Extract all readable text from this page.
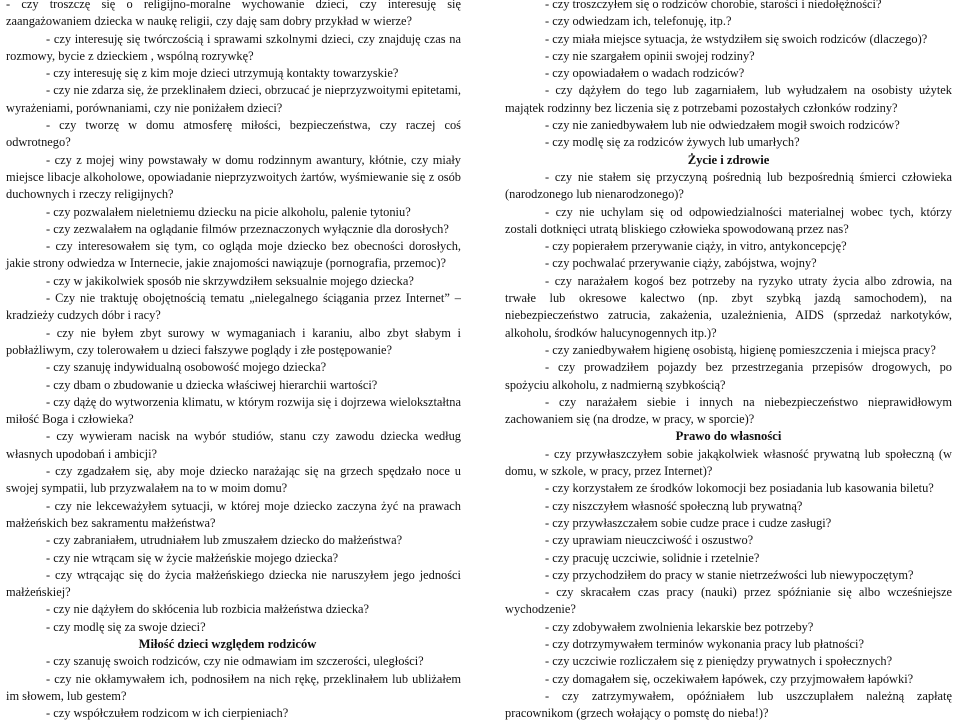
- czy troszczę się o religijno-moralne wychowanie dzieci, czy interesuję się zaangażowaniem dziecka w naukę religii, czy daję sam dobry przykład w wierze?

- czy interesuję się twórczością i sprawami szkolnymi dzieci, czy znajduję czas na rozmowy, bycie z dzieckiem , wspólną rozrywkę?

- czy interesuję się z kim moje dzieci utrzymują kontakty towarzyskie?

- czy nie zdarza się, że przeklinałem dzieci, obrzucać je nieprzyzwoitymi epitetami, wyrażeniami, porównaniami, czy nie poniżałem dzieci?

- czy tworzę w domu atmosferę miłości, bezpieczeństwa, czy raczej coś odwrotnego?

- czy z mojej winy powstawały w domu rodzinnym awantury, kłótnie, czy miały miejsce libacje alkoholowe, opowiadanie nieprzyzwoitych żartów, wyśmiewanie się z osób duchownych i rzeczy religijnych?

- czy pozwalałem nieletniemu dziecku na picie alkoholu, palenie tytoniu?

- czy zezwalałem na oglądanie filmów przeznaczonych wyłącznie dla dorosłych?

- czy interesowałem się tym, co ogląda moje dziecko bez obecności dorosłych, jakie strony odwiedza w Internecie, jakie znajomości nawiązuje (pornografia, przemoc)?

- czy w jakikolwiek sposób nie skrzywdziłem seksualnie mojego dziecka?

- Czy nie traktuję obojętnością tematu „nielegalnego ściągania przez Internet” – kradzieży cudzych dóbr i racy?

- czy nie byłem zbyt surowy w wymaganiach i karaniu, albo zbyt słabym i pobłażliwym, czy tolerowałem u dzieci fałszywe poglądy i złe postępowanie?

- czy szanuję indywidualną osobowość mojego dziecka?

- czy dbam o zbudowanie u dziecka właściwej hierarchii wartości?

- czy dążę do wytworzenia klimatu, w którym rozwija się i dojrzewa wielokształtna miłość Boga i człowieka?

- czy wywieram nacisk na wybór studiów, stanu czy zawodu dziecka według własnych upodobań i ambicji?

- czy zgadzałem się, aby moje dziecko narażając się na grzech spędzało noce u swojej sympatii, lub przyzwalałem na to w moim domu?

- czy nie lekceważyłem sytuacji, w której moje dziecko zaczyna żyć na prawach małżeńskich bez sakramentu małżeństwa?

- czy zabraniałem, utrudniałem lub zmuszałem dziecko do małżeństwa?

- czy nie wtrącam się w życie małżeńskie mojego dziecka?

- czy wtrącając się do życia małżeńskiego dziecka nie naruszyłem jego jedności małżeńskiej?

- czy nie dążyłem do skłócenia lub rozbicia małżeństwa dziecka?

- czy modlę się za swoje dzieci?

Miłość dzieci względem rodziców

- czy szanuję swoich rodziców, czy nie odmawiam im szczerości, uległości?

- czy nie okłamywałem ich, podnosiłem na nich rękę, przeklinałem lub ubliżałem im słowem, lub gestem?

- czy współczułem rodzicom w ich cierpieniach?

- czy troszczyłem się o rodziców chorobie, starości i niedołężności?

- czy odwiedzam ich, telefonuję, itp.?

- czy miała miejsce sytuacja, że wstydziłem się swoich rodziców (dlaczego)?

- czy nie szargałem opinii swojej rodziny?

- czy opowiadałem o wadach rodziców?

- czy dążyłem do tego lub zagarniałem, lub wyłudzałem na osobisty użytek majątek rodzinny bez liczenia się z potrzebami pozostałych członków rodziny?

- czy nie zaniedbywałem lub nie odwiedzałem mogił swoich rodziców?

- czy modlę się za rodziców żywych lub umarłych?

Życie i zdrowie

- czy nie stałem się przyczyną pośrednią lub bezpośrednią śmierci człowieka (narodzonego lub nienarodzonego)?

- czy nie uchylam się od odpowiedzialności materialnej wobec tych, którzy zostali dotknięci utratą bliskiego człowieka spowodowaną przez nas?

- czy popierałem przerywanie ciąży, in vitro, antykoncepcję?

- czy pochwalać przerywanie ciąży, zabójstwa, wojny?

- czy narażałem kogoś bez potrzeby na ryzyko utraty życia albo zdrowia, na trwałe lub okresowe kalectwo (np. zbyt szybką jazdą samochodem), na niebezpieczeństwo zatrucia, zakażenia, uzależnienia, AIDS (sprzedaż narkotyków, alkoholu, środków halucynogennych itp.)?

- czy zaniedbywałem higienę osobistą, higienę pomieszczenia i miejsca pracy?

- czy prowadziłem pojazdy bez przestrzegania przepisów drogowych, po spożyciu alkoholu, z nadmierną szybkością?

- czy narażałem siebie i innych na niebezpieczeństwo nieprawidłowym zachowaniem się (na drodze, w pracy, w sporcie)?

Prawo do własności

- czy przywłaszczyłem sobie jakąkolwiek własność prywatną lub społeczną (w domu, w szkole, w pracy, przez Internet)?

- czy korzystałem ze środków lokomocji bez posiadania lub kasowania biletu?

- czy niszczyłem własność społeczną lub prywatną?

- czy przywłaszczałem sobie cudze prace i cudze zasługi?

- czy uprawiam nieuczciwość i oszustwo?

- czy pracuję uczciwie, solidnie i rzetelnie?

- czy przychodziłem do pracy w stanie nietrzeźwości lub niewypoczętym?

- czy skracałem czas pracy (nauki) przez spóźnianie się albo wcześniejsze wychodzenie?

- czy zdobywałem zwolnienia lekarskie bez potrzeby?

- czy dotrzymywałem terminów wykonania pracy lub płatności?

- czy uczciwie rozliczałem się z pieniędzy prywatnych i społecznych?

- czy domagałem się, oczekiwałem łapówek, czy przyjmowałem łapówki?

- czy zatrzymywałem, opóźniałem lub uszczuplałem należną zapłatę pracownikom (grzech wołający o pomstę do nieba!)?
